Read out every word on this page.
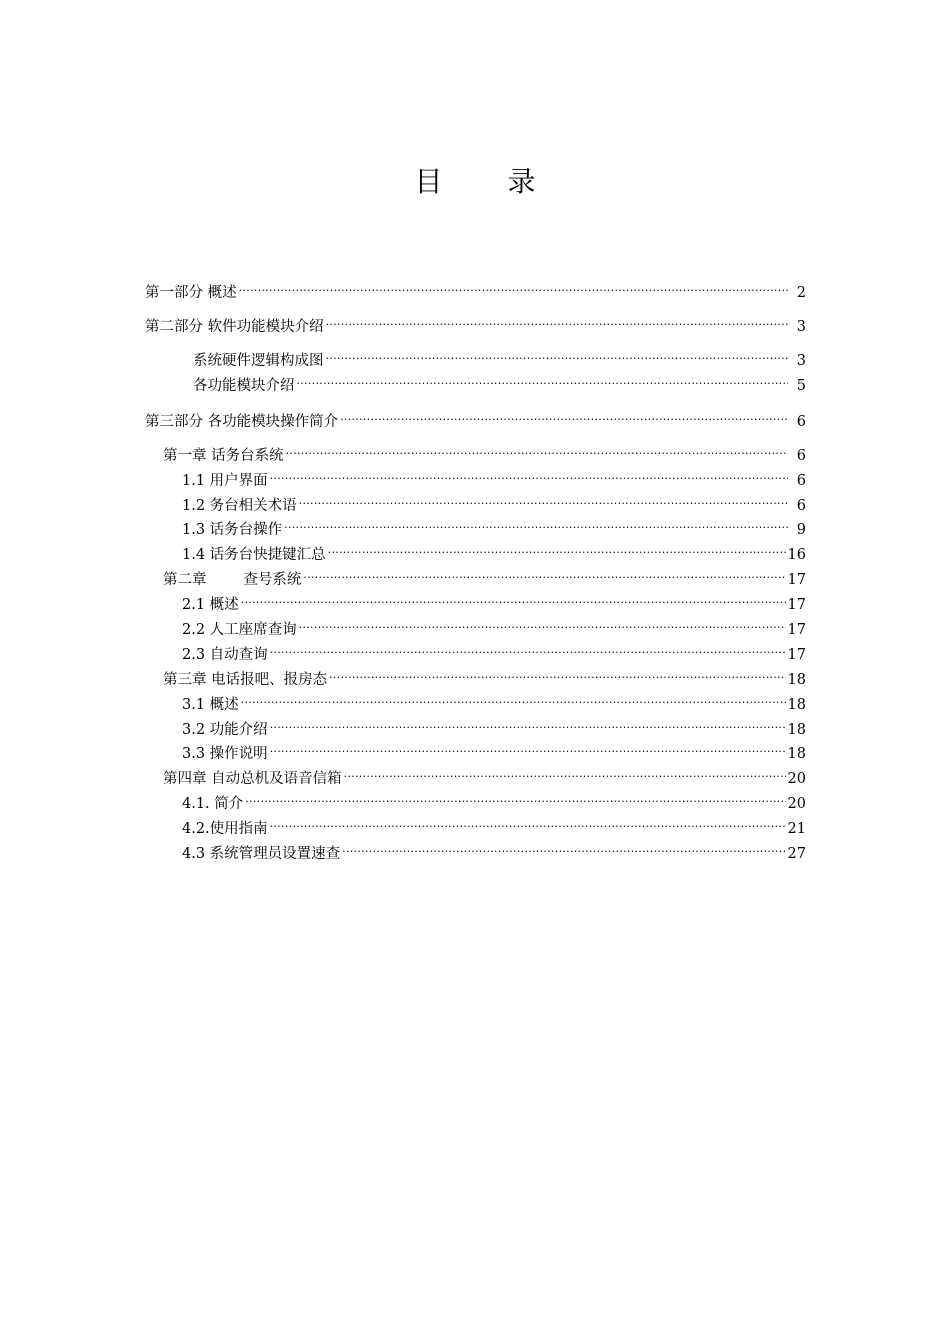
目 录
第一部分 概述 .....	2
第二部分 软件功能模块介绍 .....	3
系统硬件逻辑构成图 .....	3
各功能模块介绍 .....	5
第三部分 各功能模块操作简介 .....	6
第一章 话务台系统 .....	6
1.1 用户界面 .....	6
1.2 务台相关术语 .....	6
1.3 话务台操作 .....	9
1.4 话务台快捷键汇总 .....	16
第二章        查号系统 .....	17
2.1 概述 .....	17
2.2 人工座席查询 .....	17
2.3 自动查询 .....	17
第三章 电话报吧、报房态 .....	18
3.1 概述 .....	18
3.2 功能介绍 .....	18
3.3 操作说明 .....	18
第四章 自动总机及语音信箱 .....	20
4.1. 简介 .....	20
4.2.使用指南 .....	21
4.3 系统管理员设置速查 .....	27
